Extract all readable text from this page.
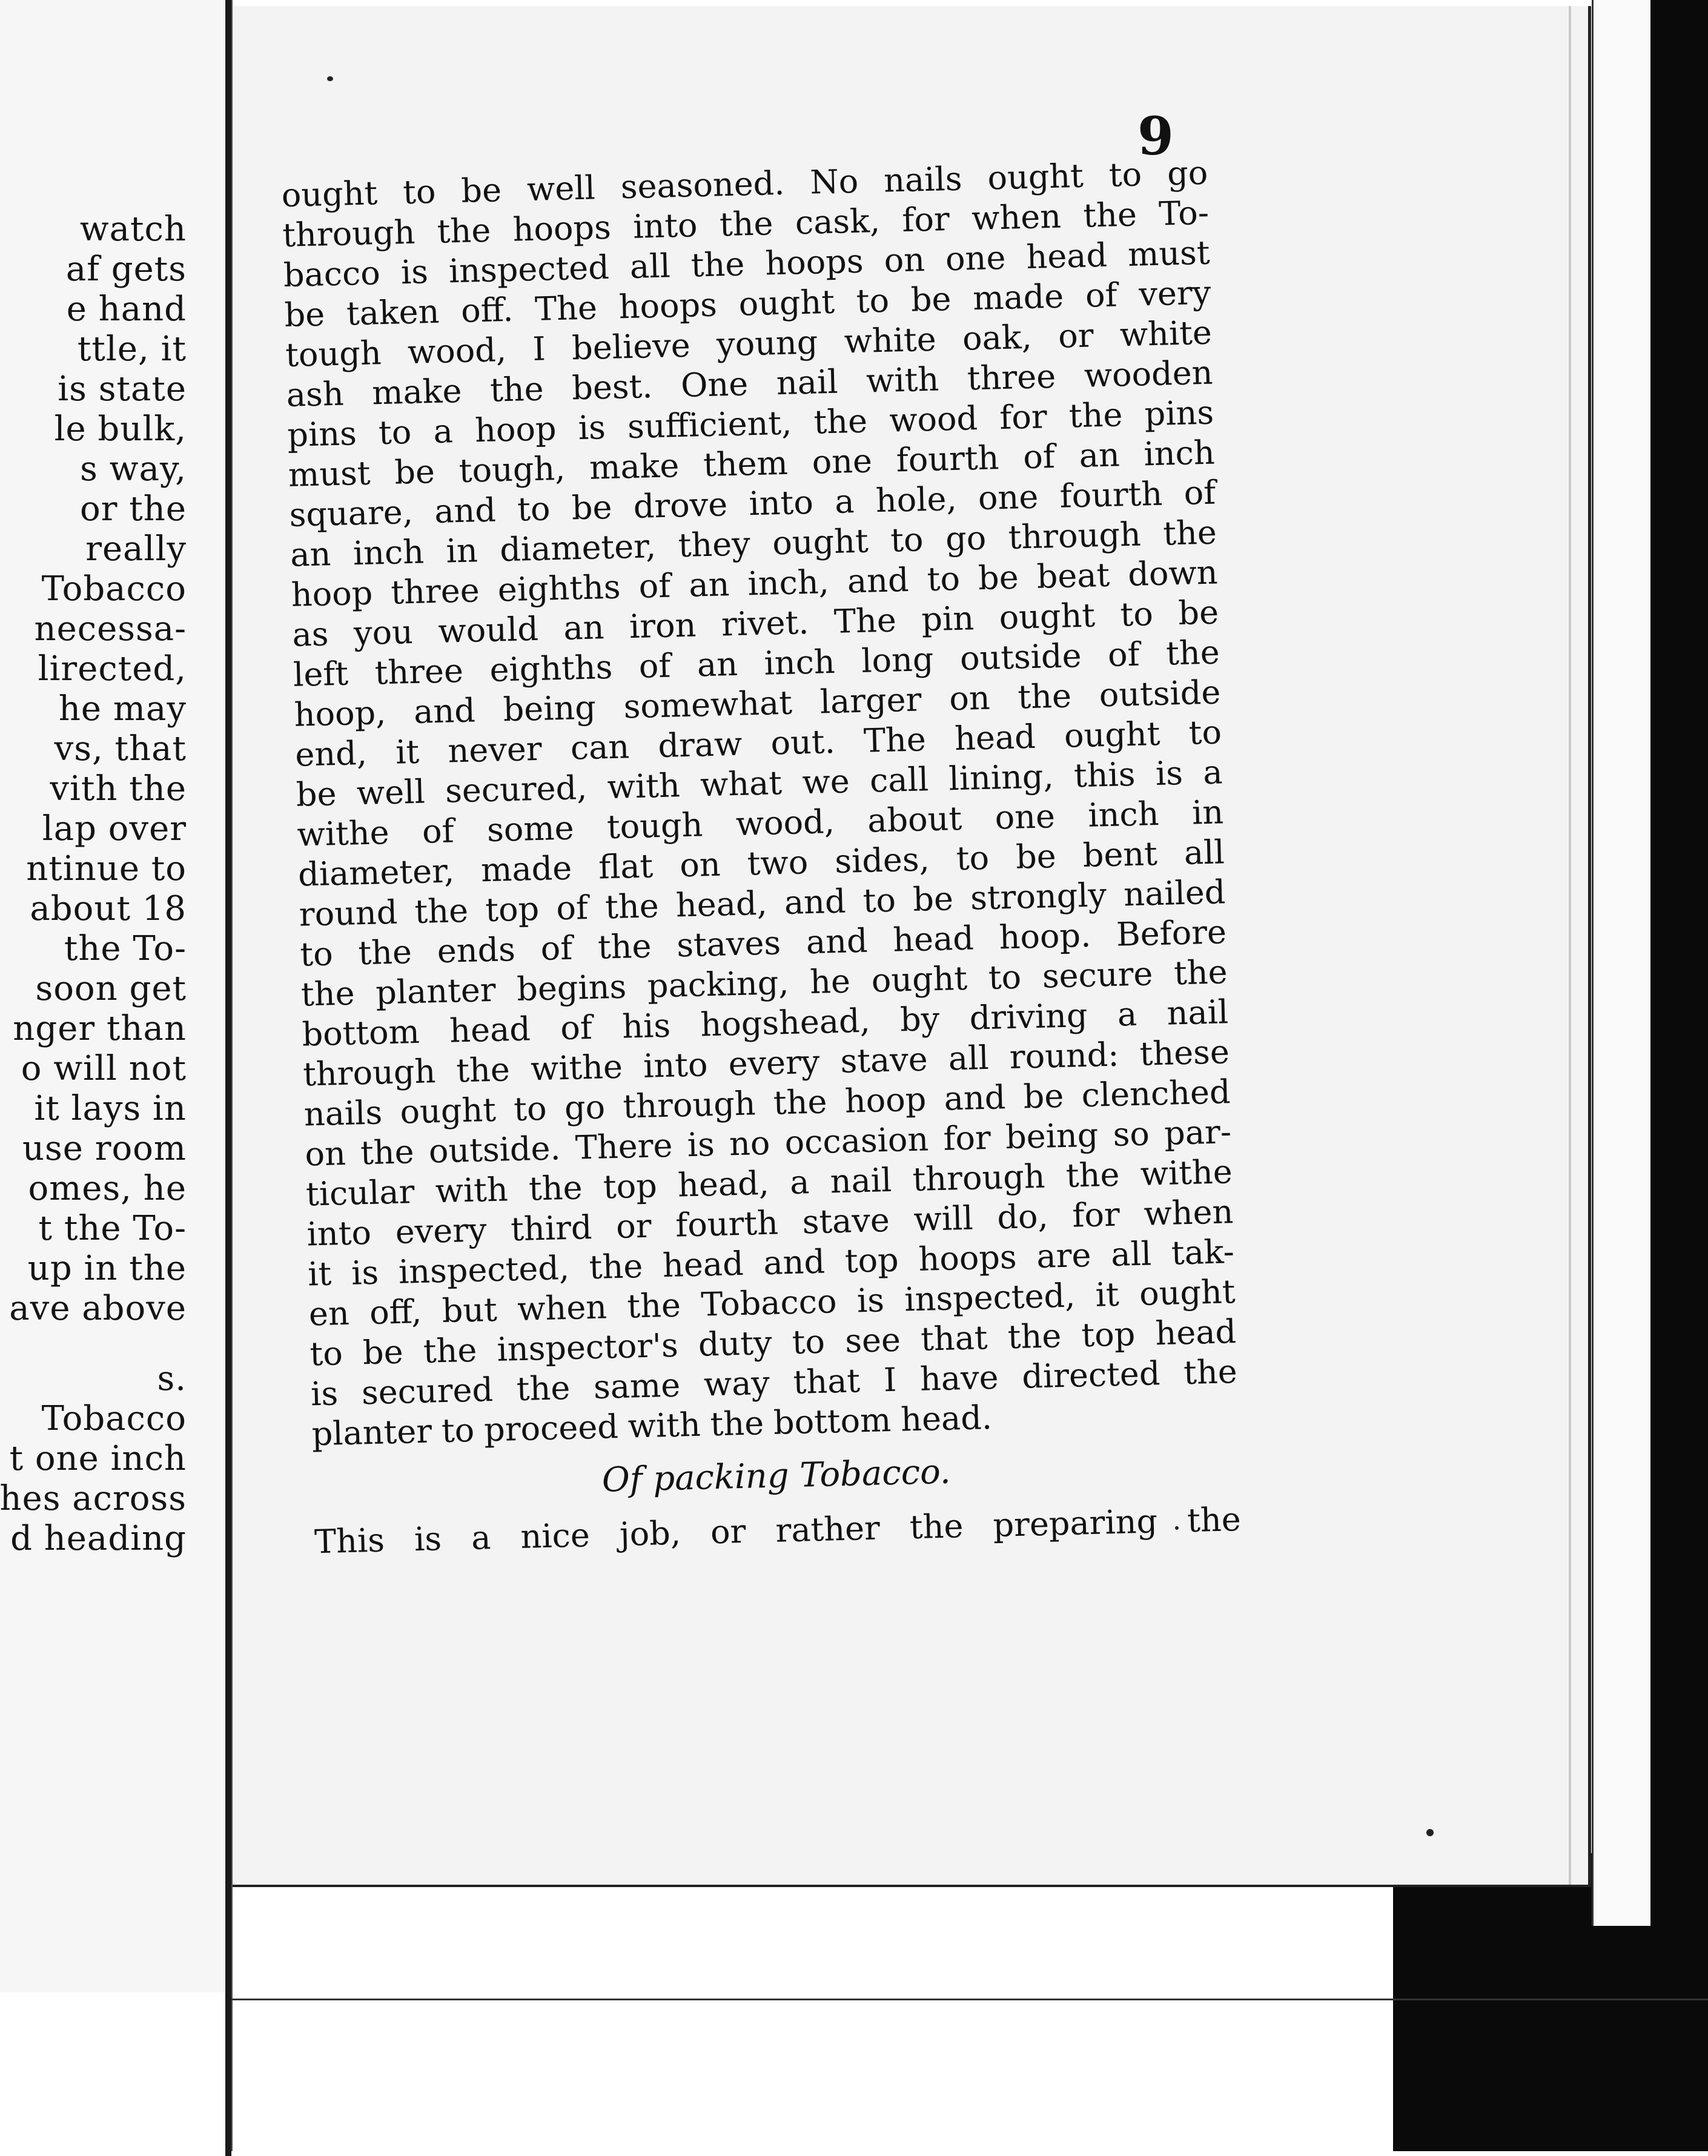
watch
af gets
e hand
ttle, it
is state
le bulk,
s way,
or the
really
Tobacco
necessa-
lirected,
he may
vs, that
vith the
lap over
ntinue to
about 18
the To-
soon get
nger than
o will not
it lays in
use room
omes, he
t the To-
up in the
ave above
s.
Tobacco
t one inch
hes across
d heading
9
ought to be well seasoned. No nails ought to go
through the hoops into the cask, for when the To-
bacco is inspected all the hoops on one head must
be taken off. The hoops ought to be made of very
tough wood, I believe young white oak, or white
ash make the best. One nail with three wooden
pins to a hoop is sufficient, the wood for the pins
must be tough, make them one fourth of an inch
square, and to be drove into a hole, one fourth of
an inch in diameter, they ought to go through the
hoop three eighths of an inch, and to be beat down
as you would an iron rivet. The pin ought to be
left three eighths of an inch long outside of the
hoop, and being somewhat larger on the outside
end, it never can draw out. The head ought to
be well secured, with what we call lining, this is a
withe of some tough wood, about one inch in
diameter, made flat on two sides, to be bent all
round the top of the head, and to be strongly nailed
to the ends of the staves and head hoop. Before
the planter begins packing, he ought to secure the
bottom head of his hogshead, by driving a nail
through the withe into every stave all round: these
nails ought to go through the hoop and be clenched
on the outside. There is no occasion for being so par-
ticular with the top head, a nail through the withe
into every third or fourth stave will do, for when
it is inspected, the head and top hoops are all tak-
en off, but when the Tobacco is inspected, it ought
to be the inspector's duty to see that the top head
is secured the same way that I have directed the
planter to proceed with the bottom head.
Of packing Tobacco.
This is a nice job, or rather the preparing the
